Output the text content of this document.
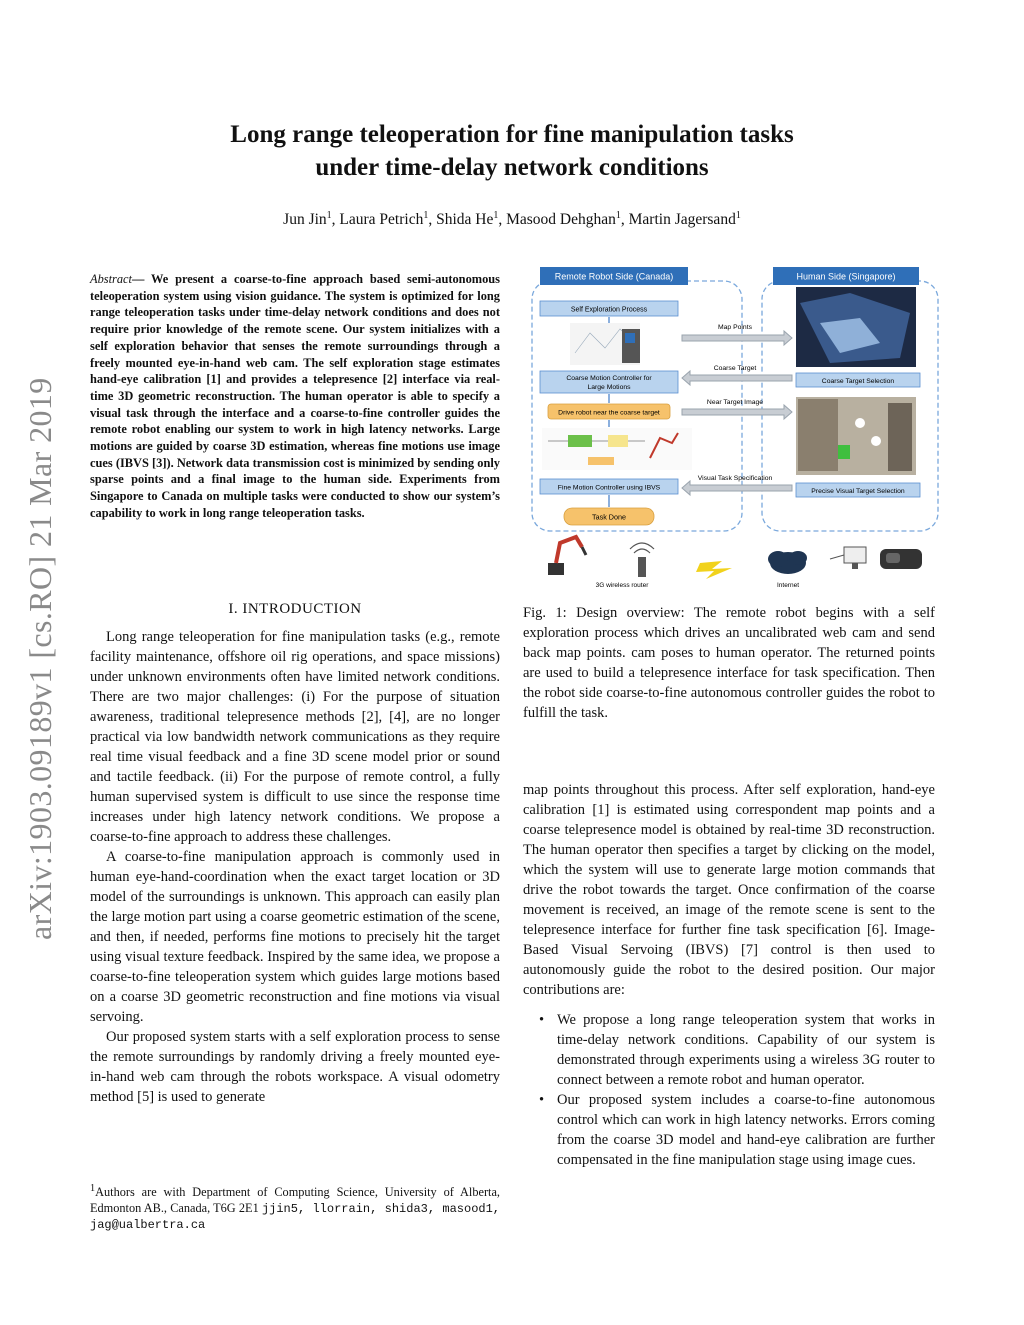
arXiv:1903.09189v1 [cs.RO] 21 Mar 2019
Long range teleoperation for fine manipulation tasks
under time-delay network conditions
Jun Jin$^1$, Laura Petrich$^1$, Shida He$^1$, Masood Dehghan$^1$, Martin Jagersand$^1$
Abstract— We present a coarse-to-fine approach based semi-autonomous teleoperation system using vision guidance. The system is optimized for long range teleoperation tasks under time-delay network conditions and does not require prior knowledge of the remote scene. Our system initializes with a self exploration behavior that senses the remote surroundings through a freely mounted eye-in-hand web cam. The self exploration stage estimates hand-eye calibration [1] and provides a telepresence [2] interface via real-time 3D geometric reconstruction. The human operator is able to specify a visual task through the interface and a coarse-to-fine controller guides the remote robot enabling our system to work in high latency networks. Large motions are guided by coarse 3D estimation, whereas fine motions use image cues (IBVS [3]). Network data transmission cost is minimized by sending only sparse points and a final image to the human side. Experiments from Singapore to Canada on multiple tasks were conducted to show our system’s capability to work in long range teleoperation tasks.
I. INTRODUCTION

Long range teleoperation for fine manipulation tasks (e.g., remote facility maintenance, offshore oil rig operations, and space missions) under unknown environments often have limited network conditions. There are two major challenges: (i) For the purpose of situation awareness, traditional telepresence methods [2], [4], are no longer practical via low bandwidth network communications as they require real time visual feedback and a fine 3D scene model prior or sound and tactile feedback. (ii) For the purpose of remote control, a fully human supervised system is difficult to use since the response time increases under high latency network conditions. We propose a coarse-to-fine approach to address these challenges.

A coarse-to-fine manipulation approach is commonly used in human eye-hand-coordination when the exact target location or 3D model of the surroundings is unknown. This approach can easily plan the large motion part using a coarse geometric estimation of the scene, and then, if needed, performs fine motions to precisely hit the target using visual texture feedback. Inspired by the same idea, we propose a coarse-to-fine teleoperation system which guides large motions based on a coarse 3D geometric reconstruction and fine motions via visual servoing.

Our proposed system starts with a self exploration process to sense the remote surroundings by randomly driving a freely mounted eye-in-hand web cam through the robots workspace. A visual odometry method [5] is used to generate

$^1$Authors are with Department of Computing Science, University of Alberta, Edmonton AB., Canada, T6G 2E1 jjin5, llorrain, shida3, masood1, jag@ualbertra.ca
Remote Robot Side (Canada)	Human Side (Singapore)
Self Exploration Process
Coarse Motion Controller for
Large Motions
Drive robot near the coarse target
Fine Motion Controller using IBVS
Task Done
Coarse Target Selection
Precise Visual Target Selection
Map Points
Coarse Target
Near Target Image
Visual Task Specification
3G wireless router	Internet
Fig. 1: Design overview: The remote robot begins with a self exploration process which drives an uncalibrated web cam and send back map points. cam poses to human operator. The returned points are used to build a telepresence interface for task specification. Then the robot side coarse-to-fine autonomous controller guides the robot to fulfill the task.

map points throughout this process. After self exploration, hand-eye calibration [1] is estimated using correspondent map points and a coarse telepresence model is obtained by real-time 3D reconstruction. The human operator then specifies a target by clicking on the model, which the system will use to generate large motion commands that drive the robot towards the target. Once confirmation of the coarse movement is received, an image of the remote scene is sent to the telepresence interface for further fine task specification [6]. Image-Based Visual Servoing (IBVS) [7] control is then used to autonomously guide the robot to the desired position. Our major contributions are:

• We propose a long range teleoperation system that works in time-delay network conditions. Capability of our system is demonstrated through experiments using a wireless 3G router to connect between a remote robot and human operator.
• Our proposed system includes a coarse-to-fine autonomous control which can work in high latency networks. Errors coming from the coarse 3D model and hand-eye calibration are further compensated in the fine manipulation stage using image cues.
